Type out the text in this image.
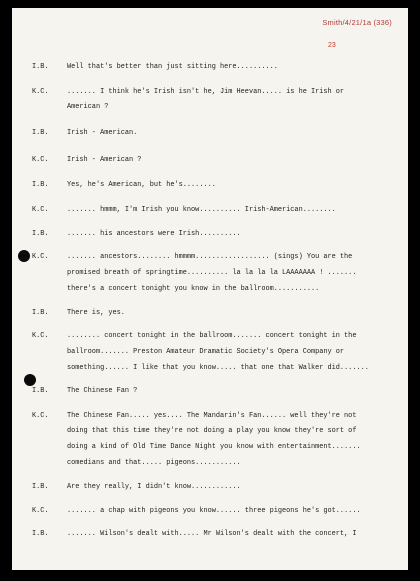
Smith/4/21/1a (336)
23
I.B.	Well that's better than just sitting here..........
K.C.	....... I think he's Irish isn't he, Jim Heevan..... is he Irish or
American ?
I.B.	Irish - American.
K.C.	Irish - American ?
I.B.	Yes, he's American, but he's........
K.C.	....... hmmm, I'm Irish you know.......... Irish-American........
I.B.	....... his ancestors were Irish..........
K.C.	....... ancestors........ hmmmm.................. (sings) You are the
promised breath of springtime.......... la la la la LAAAAAAA ! .......
there's a concert tonight you know in the ballroom...........
I.B.	There is, yes.
K.C.	........ concert tonight in the ballroom....... concert tonight in the
ballroom....... Preston Amateur Dramatic Society's Opera Company or
something...... I like that you know..... that one that Walker did.......
I.B.	The Chinese Fan ?
K.C.	The Chinese Fan..... yes.... The Mandarin's Fan...... well they're not
doing that this time they're not doing a play you know they're sort of
doing a kind of Old Time Dance Night you know with entertainment.......
comedians and that..... pigeons...........
I.B.	Are they really, I didn't know............
K.C.	....... a chap with pigeons you know...... three pigeons he's got......
I.B.	....... Wilson's dealt with..... Mr Wilson's dealt with the concert, I
